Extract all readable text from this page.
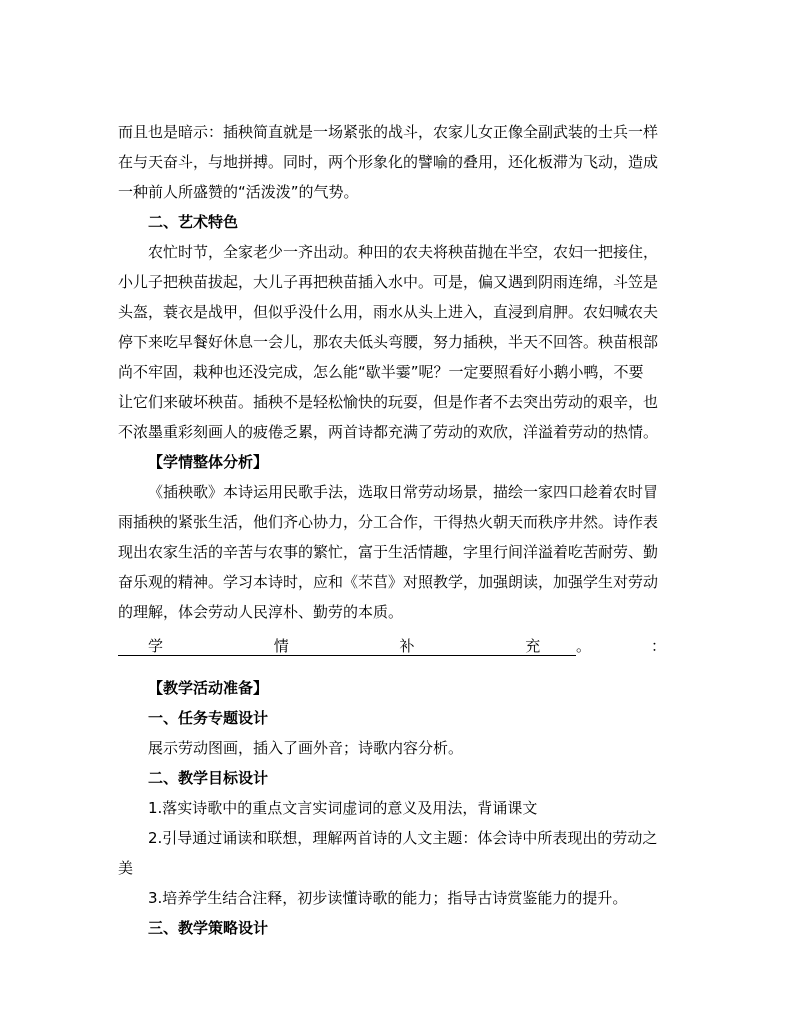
而且也是暗示：插秧简直就是一场紧张的战斗，农家儿女正像全副武装的士兵一样
在与天奋斗，与地拼搏。同时，两个形象化的譬喻的叠用，还化板滞为飞动，造成
一种前人所盛赞的“活泼泼”的气势。
二、艺术特色
农忙时节，全家老少一齐出动。种田的农夫将秧苗抛在半空，农妇一把接住，
小儿子把秧苗拔起，大儿子再把秧苗插入水中。可是，偏又遇到阴雨连绵，斗笠是
头盔，蓑衣是战甲，但似乎没什么用，雨水从头上进入，直浸到肩胛。农妇喊农夫
停下来吃早餐好休息一会儿，那农夫低头弯腰，努力插秧，半天不回答。秧苗根部
尚不牢固，栽种也还没完成，怎么能“歇半霎”呢？一定要照看好小鹅小鸭，不要
让它们来破坏秧苗。插秧不是轻松愉快的玩耍，但是作者不去突出劳动的艰辛，也
不浓墨重彩刻画人的疲倦乏累，两首诗都充满了劳动的欢欣，洋溢着劳动的热情。
【学情整体分析】
《插秧歌》本诗运用民歌手法，选取日常劳动场景，描绘一家四口趁着农时冒
雨插秧的紧张生活，他们齐心协力，分工合作，干得热火朝天而秩序井然。诗作表
现出农家生活的辛苦与农事的繁忙，富于生活情趣，字里行间洋溢着吃苦耐劳、勤
奋乐观的精神。学习本诗时，应和《芣苢》对照教学，加强朗读，加强学生对劳动
的理解，体会劳动人民淳朴、勤劳的本质。
学	情	补	充	：
。
【教学活动准备】
一、任务专题设计
展示劳动图画，插入了画外音；诗歌内容分析。
二、教学目标设计
1.落实诗歌中的重点文言实词虚词的意义及用法，背诵课文
2.引导通过诵读和联想，理解两首诗的人文主题：体会诗中所表现出的劳动之
美
3.培养学生结合注释，初步读懂诗歌的能力；指导古诗赏鉴能力的提升。
三、教学策略设计
